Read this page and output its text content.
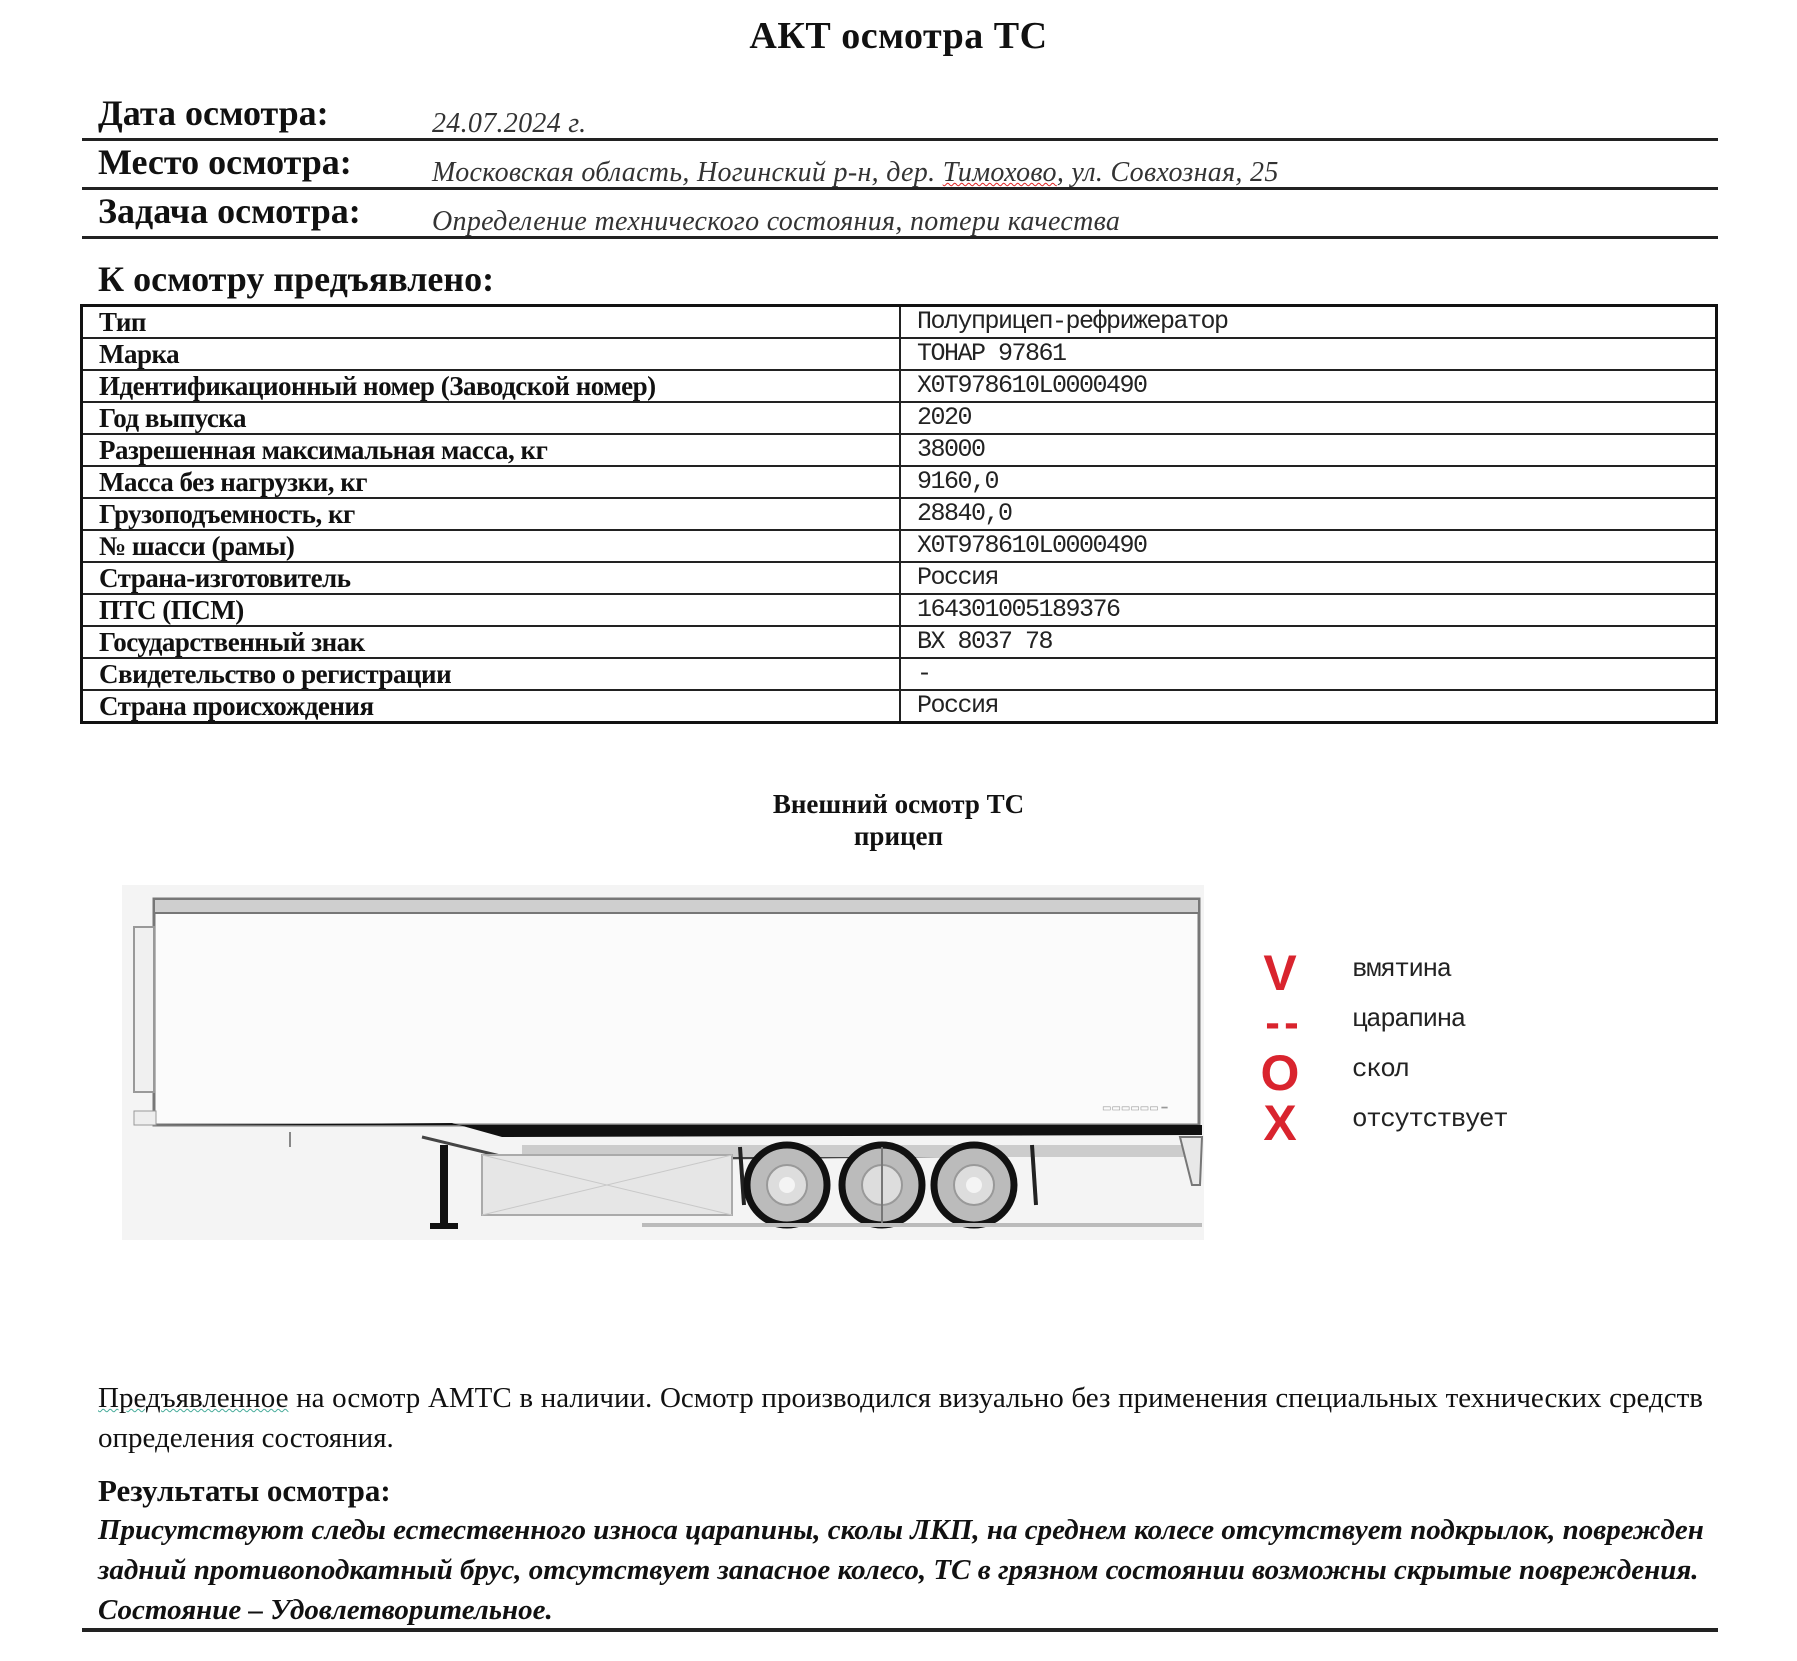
АКТ осмотра ТС
Дата осмотра:	24.07.2024 г.
Место осмотра:	Московская область, Ногинский р-н, дер. Тимохово, ул. Совхозная, 25
Задача осмотра:	Определение технического состояния, потери качества
К осмотру предъявлено:
Тип	Полуприцеп-рефрижератор
Марка	ТОНАР 97861
Идентификационный номер (Заводской номер)	X0T978610L0000490
Год выпуска	2020
Разрешенная максимальная масса, кг	38000
Масса без нагрузки, кг	9160,0
Грузоподъемность, кг	28840,0
№ шасси (рамы)	X0T978610L0000490
Страна-изготовитель	Россия
ПТС (ПСМ)	164301005189376
Государственный знак	ВХ 8037 78
Свидетельство о регистрации	-
Страна происхождения	Россия
Внешний осмотр ТС
прицеп
▭▭▭▭▭▭ ━
V	вмятина
- -	царапина
O	скол
X	отсутствует
Предъявленное на осмотр АМТС в наличии. Осмотр производился визуально без применения специальных технических средств определения состояния.
Результаты осмотра:
Присутствуют следы естественного износа царапины, сколы ЛКП, на среднем колесе отсутствует подкрылок, поврежден задний противоподкатный брус, отсутствует запасное колесо, ТС в грязном состоянии возможны скрытые повреждения. Состояние – Удовлетворительное.
